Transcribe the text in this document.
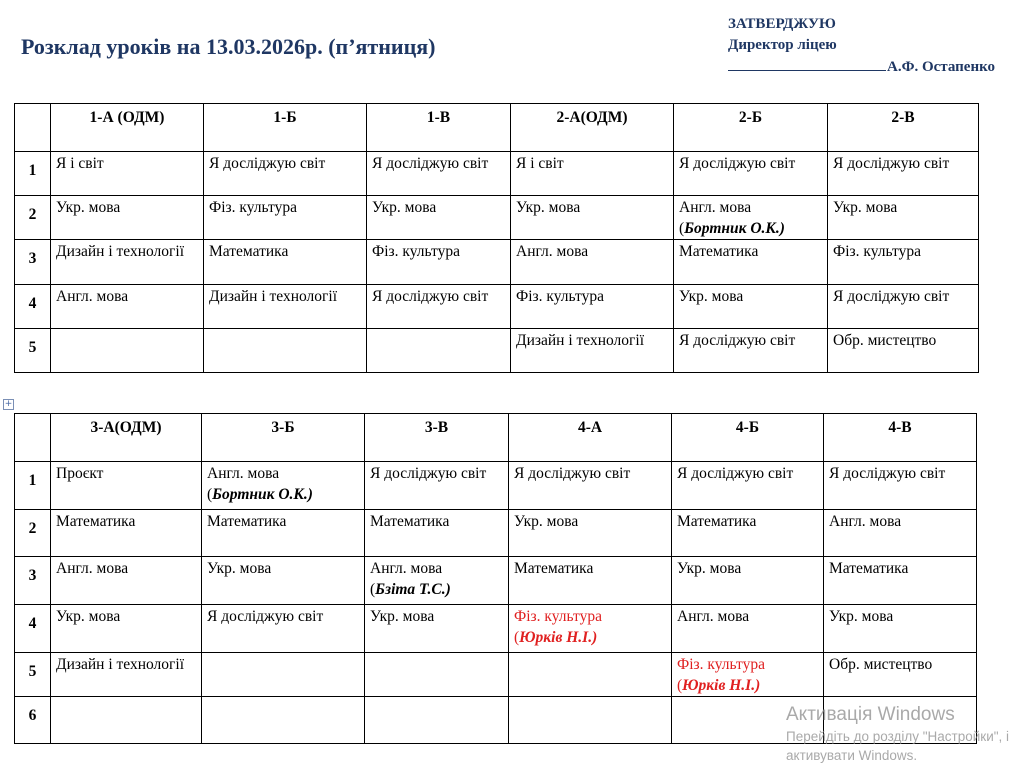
Розклад уроків на 13.03.2026р. (п’ятниця)
ЗАТВЕРДЖУЮ
Директор ліцею
А.Ф. Остапенко
	1-А (ОДМ)	1-Б	1-В	2-А(ОДМ)	2-Б	2-В
1	Я і світ	Я досліджую світ	Я досліджую світ	Я і світ	Я досліджую світ	Я досліджую світ

2	Укр. мова	Фіз. культура	Укр. мова	Укр. мова	Англ. мова
(Бортник О.К.)	Укр. мова

3	Дизайн і технології	Математика	Фіз. культура	Англ. мова	Математика	Фіз. культура

4	Англ. мова	Дизайн і технології	Я досліджую світ	Фіз. культура	Укр. мова	Я досліджую світ

5				Дизайн і технології	Я досліджую світ	Обр. мистецтво
+
	3-А(ОДМ)	3-Б	3-В	4-А	4-Б	4-В
1	Проєкт	Англ. мова
(Бортник О.К.)	Я досліджую світ	Я досліджую світ	Я досліджую світ	Я досліджую світ

2	Математика	Математика	Математика	Укр. мова	Математика	Англ. мова

3	Англ. мова	Укр. мова	Англ. мова
(Бзіта Т.С.)	Математика	Укр. мова	Математика

4	Укр. мова	Я досліджую світ	Укр. мова	Фіз. культура
(Юрків Н.І.)	Англ. мова	Укр. мова

5	Дизайн і технології				Фіз. культура
(Юрків Н.І.)	Обр. мистецтво

6	

		Активація Windows
Перейдіть до розділу "Настройки", і
активувати Windows.
